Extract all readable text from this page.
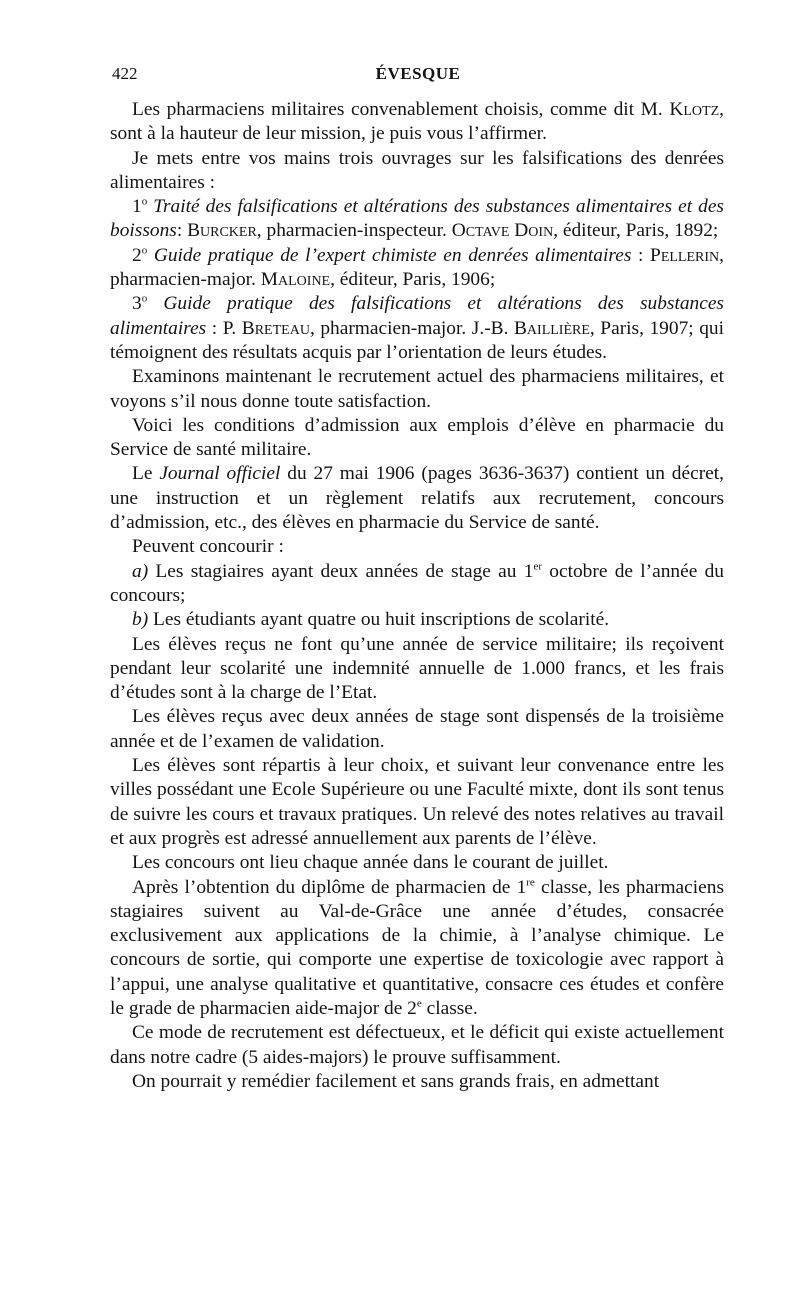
422	ÉVESQUE

Les pharmaciens militaires convenablement choisis, comme dit M. Klotz, sont à la hauteur de leur mission, je puis vous l’affirmer.

Je mets entre vos mains trois ouvrages sur les falsifications des denrées alimentaires :

1$^o$ Traité des falsifications et altérations des substances alimentaires et des boissons: Burcker, pharmacien-inspecteur. Octave Doin, éditeur, Paris, 1892;

2$^o$ Guide pratique de l’expert chimiste en denrées alimentaires : Pellerin, pharmacien-major. Maloine, éditeur, Paris, 1906;

3$^o$ Guide pratique des falsifications et altérations des substances alimentaires : P. Breteau, pharmacien-major. J.-B. Baillière, Paris, 1907; qui témoignent des résultats acquis par l’orientation de leurs études.

Examinons maintenant le recrutement actuel des pharmaciens militaires, et voyons s’il nous donne toute satisfaction.

Voici les conditions d’admission aux emplois d’élève en pharmacie du Service de santé militaire.

Le Journal officiel du 27 mai 1906 (pages 3636-3637) contient un décret, une instruction et un règlement relatifs aux recrutement, concours d’admission, etc., des élèves en pharmacie du Service de santé.

Peuvent concourir :

a) Les stagiaires ayant deux années de stage au 1er octobre de l’année du concours;

b) Les étudiants ayant quatre ou huit inscriptions de scolarité.

Les élèves reçus ne font qu’une année de service militaire; ils reçoivent pendant leur scolarité une indemnité annuelle de 1.000 francs, et les frais d’études sont à la charge de l’Etat.

Les élèves reçus avec deux années de stage sont dispensés de la troisième année et de l’examen de validation.

Les élèves sont répartis à leur choix, et suivant leur convenance entre les villes possédant une Ecole Supérieure ou une Faculté mixte, dont ils sont tenus de suivre les cours et travaux pratiques. Un relevé des notes relatives au travail et aux progrès est adressé annuellement aux parents de l’élève.

Les concours ont lieu chaque année dans le courant de juillet.

Après l’obtention du diplôme de pharmacien de 1re classe, les pharmaciens stagiaires suivent au Val-de-Grâce une année d’études, consacrée exclusivement aux applications de la chimie, à l’analyse chimique. Le concours de sortie, qui comporte une expertise de toxicologie avec rapport à l’appui, une analyse qualitative et quantitative, consacre ces études et confère le grade de pharmacien aide-major de 2e classe.

Ce mode de recrutement est défectueux, et le déficit qui existe actuellement dans notre cadre (5 aides-majors) le prouve suffisamment.

On pourrait y remédier facilement et sans grands frais, en admettant
